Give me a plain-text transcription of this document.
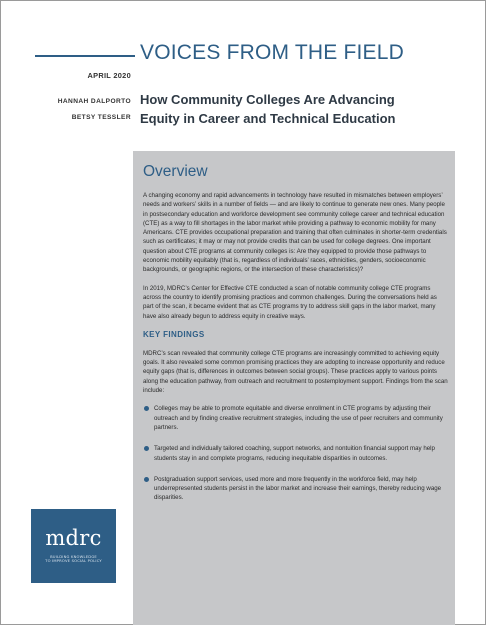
VOICES FROM THE FIELD
APRIL 2020
HANNAH DALPORTO
BETSY TESSLER
How Community Colleges Are Advancing
Equity in Career and Technical Education
Overview

A changing economy and rapid advancements in technology have resulted in mismatches between employers’ needs and workers’ skills in a number of fields — and are likely to continue to generate new ones. Many people in postsecondary education and workforce development see community college career and technical education (CTE) as a way to fill shortages in the labor market while providing a pathway to economic mobility for many Americans. CTE provides occupational preparation and training that often culminates in shorter-term credentials such as certificates; it may or may not provide credits that can be used for college degrees. One important question about CTE programs at community colleges is: Are they equipped to provide those pathways to economic mobility equitably (that is, regardless of individuals’ races, ethnicities, genders, socioeconomic backgrounds, or geographic regions, or the intersection of these characteristics)?

In 2019, MDRC’s Center for Effective CTE conducted a scan of notable community college CTE programs across the country to identify promising practices and common challenges. During the conversations held as part of the scan, it became evident that as CTE programs try to address skill gaps in the labor market, many have also already begun to address equity in creative ways.

KEY FINDINGS

MDRC’s scan revealed that community college CTE programs are increasingly committed to achieving equity goals. It also revealed some common promising practices they are adopting to increase opportunity and reduce equity gaps (that is, differences in outcomes between social groups). These practices apply to various points along the education pathway, from outreach and recruitment to postemployment support. Findings from the scan include:

Colleges may be able to promote equitable and diverse enrollment in CTE programs by adjusting their outreach and by finding creative recruitment strategies, including the use of peer recruiters and community partners.
Targeted and individually tailored coaching, support networks, and nontuition financial support may help students stay in and complete programs, reducing inequitable disparities in outcomes.
Postgraduation support services, used more and more frequently in the workforce field, may help underrepresented students persist in the labor market and increase their earnings, thereby reducing wage disparities.
mdrc
BUILDING KNOWLEDGE
TO IMPROVE SOCIAL POLICY
